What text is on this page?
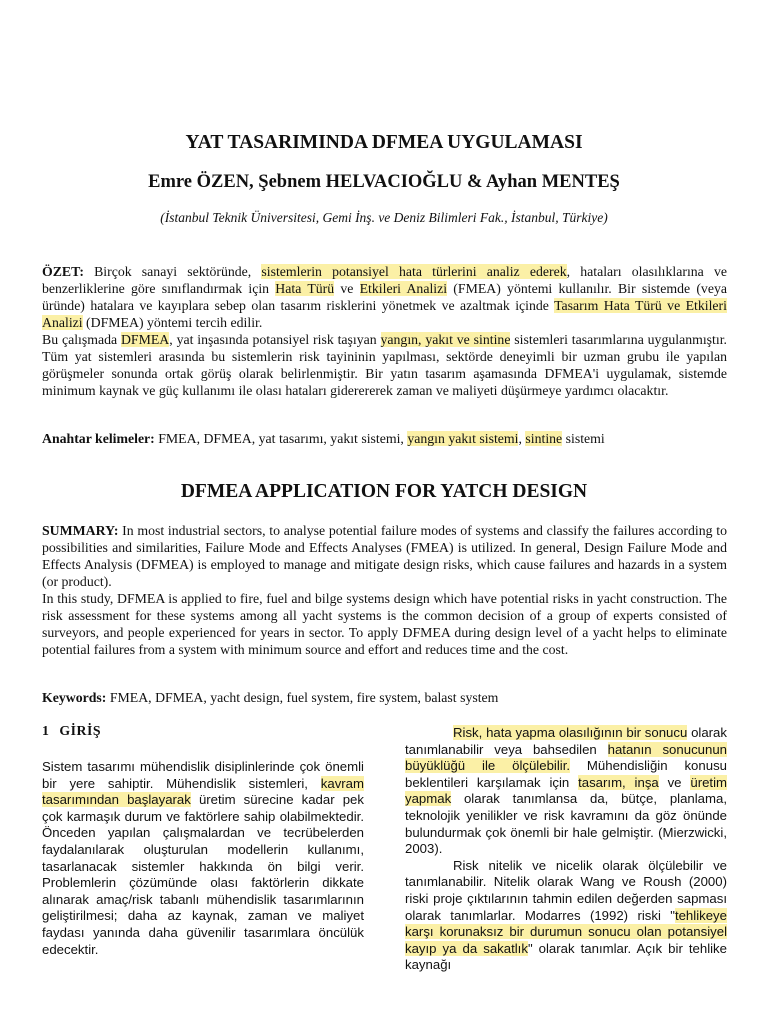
YAT TASARIMINDA DFMEA UYGULAMASI
Emre ÖZEN, Şebnem HELVACIOĞLU & Ayhan MENTEŞ
(İstanbul Teknik Üniversitesi, Gemi İnş. ve Deniz Bilimleri Fak., İstanbul, Türkiye)

ÖZET: Birçok sanayi sektöründe, sistemlerin potansiyel hata türlerini analiz ederek, hataları olasılıklarına ve benzerliklerine göre sınıflandırmak için Hata Türü ve Etkileri Analizi (FMEA) yöntemi kullanılır. Bir sistemde (veya üründe) hatalara ve kayıplara sebep olan tasarım risklerini yönetmek ve azaltmak içinde Tasarım Hata Türü ve Etkileri Analizi (DFMEA) yöntemi tercih edilir.

Bu çalışmada DFMEA, yat inşasında potansiyel risk taşıyan yangın, yakıt ve sintine sistemleri tasarımlarına uygulanmıştır. Tüm yat sistemleri arasında bu sistemlerin risk tayininin yapılması, sektörde deneyimli bir uzman grubu ile yapılan görüşmeler sonunda ortak görüş olarak belirlenmiştir. Bir yatın tasarım aşamasında DFMEA'i uygulamak, sistemde minimum kaynak ve güç kullanımı ile olası hataları giderererek zaman ve maliyeti düşürmeye yardımcı olacaktır.

Anahtar kelimeler: FMEA, DFMEA, yat tasarımı, yakıt sistemi, yangın yakıt sistemi, sintine sistemi
DFMEA APPLICATION FOR YATCH DESIGN

SUMMARY: In most industrial sectors, to analyse potential failure modes of systems and classify the failures according to possibilities and similarities, Failure Mode and Effects Analyses (FMEA) is utilized. In general, Design Failure Mode and Effects Analysis (DFMEA) is employed to manage and mitigate design risks, which cause failures and hazards in a system (or product).

In this study, DFMEA is applied to fire, fuel and bilge systems design which have potential risks in yacht construction. The risk assessment for these systems among all yacht systems is the common decision of a group of experts consisted of surveyors, and people experienced for years in sector. To apply DFMEA during design level of a yacht helps to eliminate potential failures from a system with minimum source and effort and reduces time and the cost.

Keywords: FMEA, DFMEA, yacht design, fuel system, fire system, balast system
1 GİRİŞ

Sistem tasarımı mühendislik disiplinlerinde çok önemli bir yere sahiptir. Mühendislik sistemleri, kavram tasarımından başlayarak üretim sürecine kadar pek çok karmaşık durum ve faktörlere sahip olabilmektedir. Önceden yapılan çalışmalardan ve tecrübelerden faydalanılarak oluşturulan modellerin kullanımı, tasarlanacak sistemler hakkında ön bilgi verir. Problemlerin çözümünde olası faktörlerin dikkate alınarak amaç/risk tabanlı mühendislik tasarımlarının geliştirilmesi; daha az kaynak, zaman ve maliyet faydası yanında daha güvenilir tasarımlara öncülük edecektir.

Risk, hata yapma olasılığının bir sonucu olarak tanımlanabilir veya bahsedilen hatanın sonucunun büyüklüğü ile ölçülebilir. Mühendisliğin konusu beklentileri karşılamak için tasarım, inşa ve üretim yapmak olarak tanımlansa da, bütçe, planlama, teknolojik yenilikler ve risk kavramını da göz önünde bulundurmak çok önemli bir hale gelmiştir. (Mierzwicki, 2003).

Risk nitelik ve nicelik olarak ölçülebilir ve tanımlanabilir. Nitelik olarak Wang ve Roush (2000) riski proje çıktılarının tahmin edilen değerden sapması olarak tanımlarlar. Modarres (1992) riski "tehlikeye karşı korunaksız bir durumun sonucu olan potansiyel kayıp ya da sakatlık" olarak tanımlar. Açık bir tehlike kaynağı
